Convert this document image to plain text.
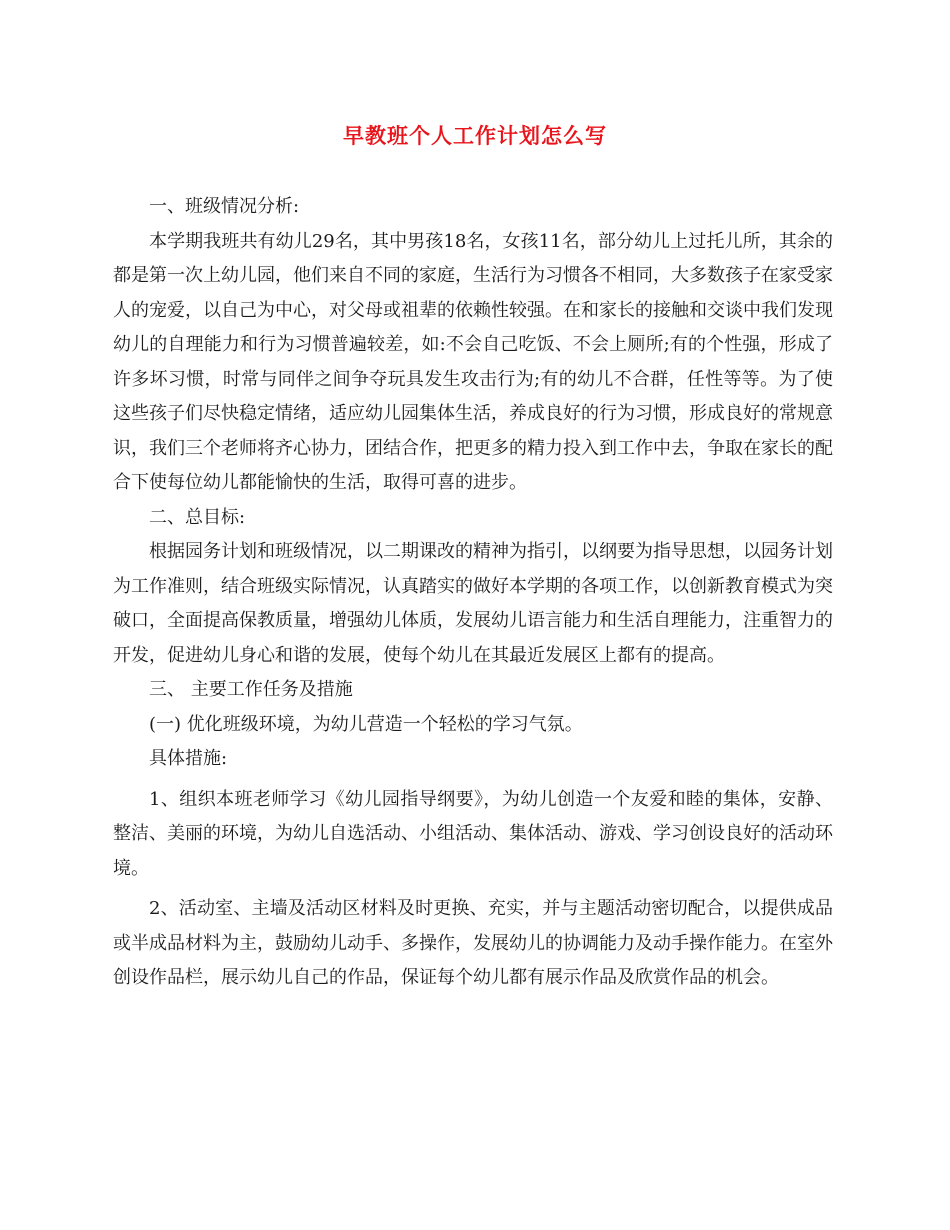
早教班个人工作计划怎么写

一、班级情况分析:

本学期我班共有幼儿29名，其中男孩18名，女孩11名，部分幼儿上过托儿所，其余的都是第一次上幼儿园，他们来自不同的家庭，生活行为习惯各不相同，大多数孩子在家受家人的宠爱，以自己为中心，对父母或祖辈的依赖性较强。在和家长的接触和交谈中我们发现幼儿的自理能力和行为习惯普遍较差，如:不会自己吃饭、不会上厕所;有的个性强，形成了许多坏习惯，时常与同伴之间争夺玩具发生攻击行为;有的幼儿不合群，任性等等。为了使这些孩子们尽快稳定情绪，适应幼儿园集体生活，养成良好的行为习惯，形成良好的常规意识，我们三个老师将齐心协力，团结合作，把更多的精力投入到工作中去，争取在家长的配合下使每位幼儿都能愉快的生活，取得可喜的进步。

二、总目标:

根据园务计划和班级情况，以二期课改的精神为指引，以纲要为指导思想，以园务计划为工作准则，结合班级实际情况，认真踏实的做好本学期的各项工作，以创新教育模式为突破口，全面提高保教质量，增强幼儿体质，发展幼儿语言能力和生活自理能力，注重智力的开发，促进幼儿身心和谐的发展，使每个幼儿在其最近发展区上都有的提高。

三、 主要工作任务及措施

(一) 优化班级环境，为幼儿营造一个轻松的学习气氛。

具体措施:

1、组织本班老师学习《幼儿园指导纲要》，为幼儿创造一个友爱和睦的集体，安静、整洁、美丽的环境，为幼儿自选活动、小组活动、集体活动、游戏、学习创设良好的活动环境。

2、活动室、主墙及活动区材料及时更换、充实，并与主题活动密切配合，以提供成品或半成品材料为主，鼓励幼儿动手、多操作，发展幼儿的协调能力及动手操作能力。在室外创设作品栏，展示幼儿自己的作品，保证每个幼儿都有展示作品及欣赏作品的机会。
